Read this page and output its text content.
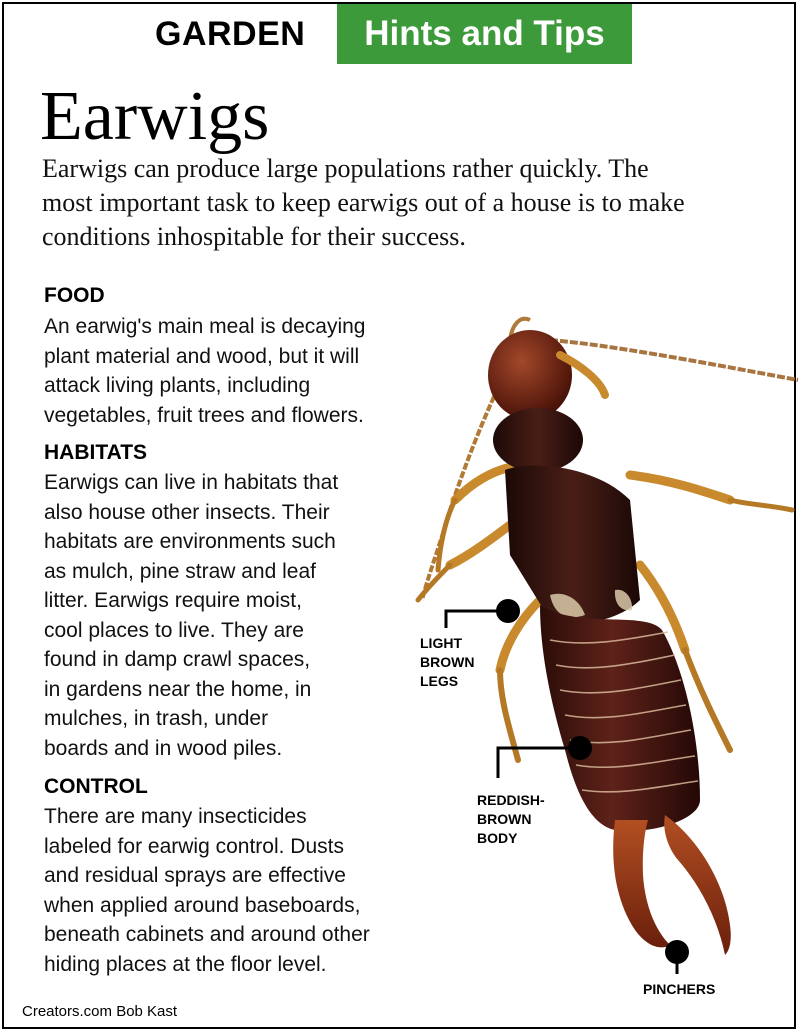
GARDEN	Hints and Tips
Earwigs
Earwigs can produce large populations rather quickly. The
most important task to keep earwigs out of a house is to make
conditions inhospitable for their success.
FOOD
An earwig's main meal is decaying
plant material and wood, but it will
attack living plants, including
vegetables, fruit trees and flowers.
HABITATS
Earwigs can live in habitats that
also house other insects. Their
habitats are environments such
as mulch, pine straw and leaf
litter. Earwigs require moist,
cool places to live. They are
found in damp crawl spaces,
in gardens near the home, in
mulches, in trash, under
boards and in wood piles.
CONTROL
There are many insecticides
labeled for earwig control. Dusts
and residual sprays are effective
when applied around baseboards,
beneath cabinets and around other
hiding places at the floor level.
LIGHT
BROWN
LEGS
REDDISH-
BROWN
BODY
PINCHERS
Creators.com Bob Kast
